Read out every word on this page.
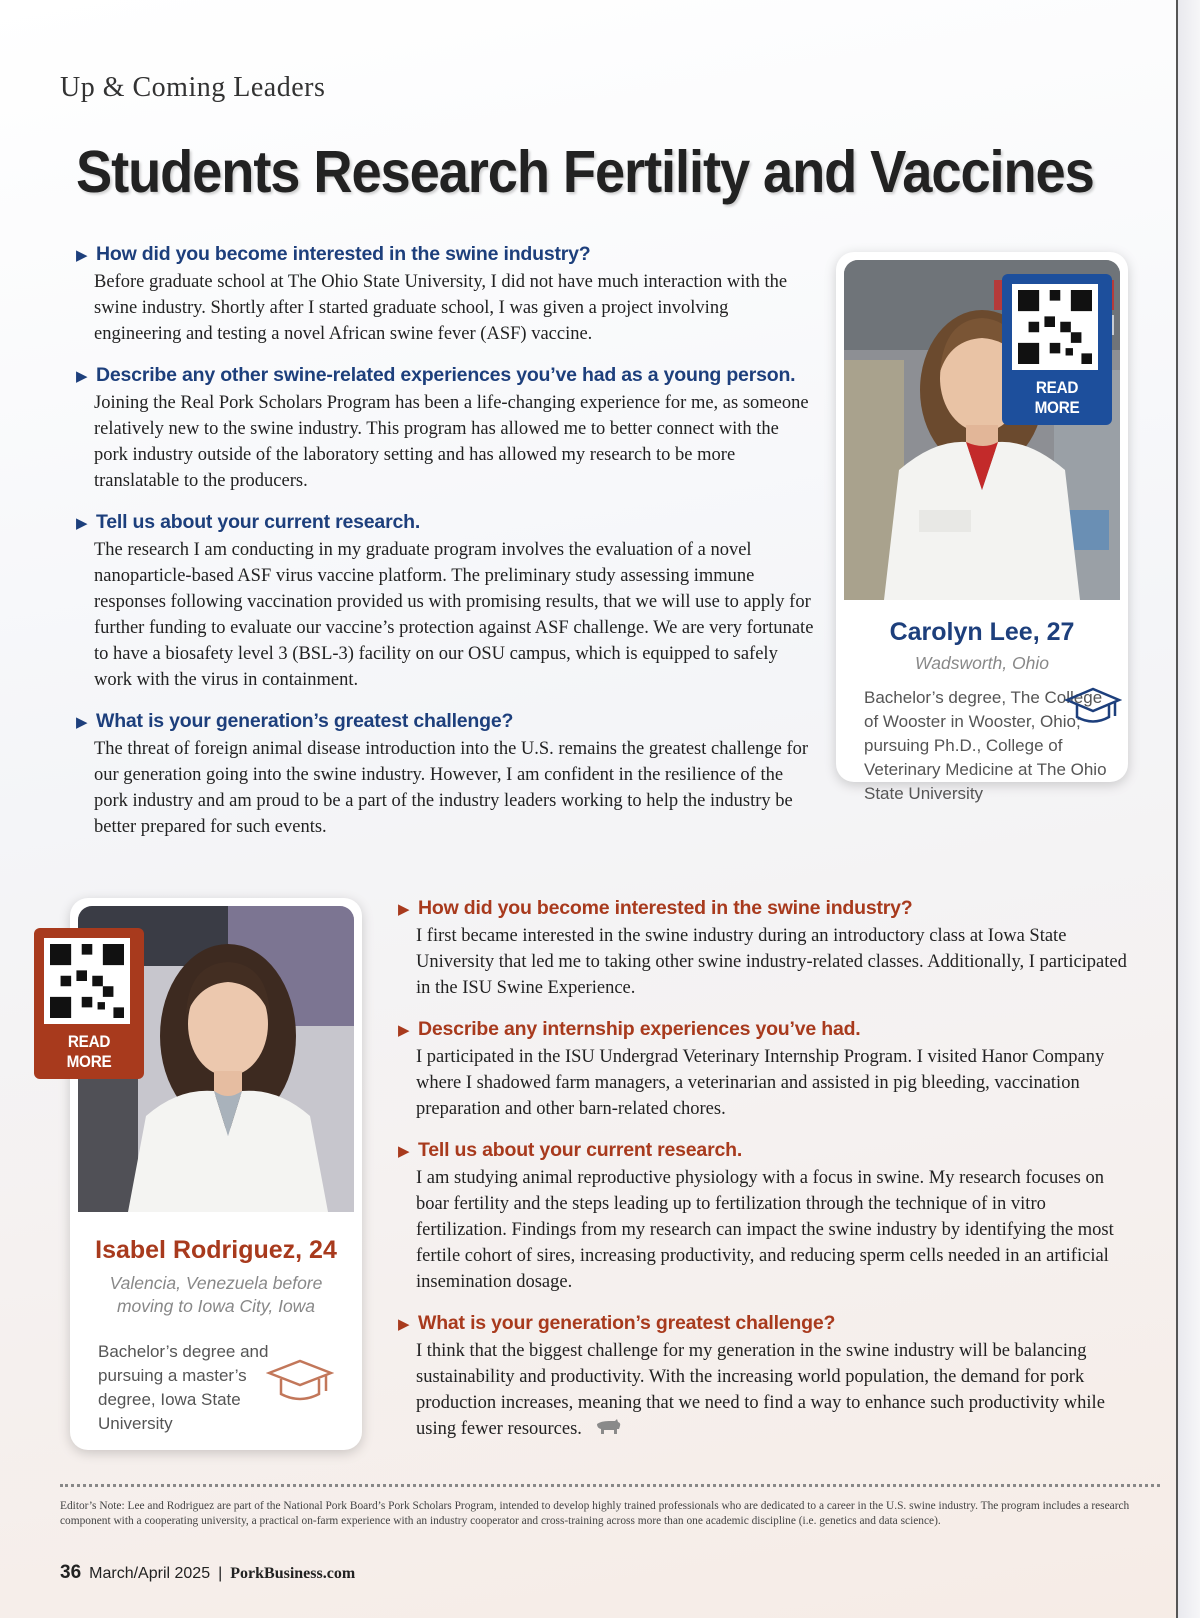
Up & Coming Leaders
Students Research Fertility and Vaccines
▶ How did you become interested in the swine industry?
Before graduate school at The Ohio State University, I did not have much interaction with the swine industry. Shortly after I started graduate school, I was given a project involving engineering and testing a novel African swine fever (ASF) vaccine.
▶ Describe any other swine-related experiences you’ve had as a young person.
Joining the Real Pork Scholars Program has been a life-changing experience for me, as someone relatively new to the swine industry. This program has allowed me to better connect with the pork industry outside of the laboratory setting and has allowed my research to be more translatable to the producers.
▶ Tell us about your current research.
The research I am conducting in my graduate program involves the evaluation of a novel nanoparticle-based ASF virus vaccine platform. The preliminary study assessing immune responses following vaccination provided us with promising results, that we will use to apply for further funding to evaluate our vaccine’s protection against ASF challenge. We are very fortunate to have a biosafety level 3 (BSL-3) facility on our OSU campus, which is equipped to safely work with the virus in containment.
▶ What is your generation’s greatest challenge?
The threat of foreign animal disease introduction into the U.S. remains the greatest challenge for our generation going into the swine industry. However, I am confident in the resilience of the pork industry and am proud to be a part of the industry leaders working to help the industry be better prepared for such events.
READ MORE
Carolyn Lee, 27
Wadsworth, Ohio
Bachelor’s degree, The College of Wooster in Wooster, Ohio; pursuing Ph.D., College of Veterinary Medicine at The Ohio State University
READ MORE
Isabel Rodriguez, 24
Valencia, Venezuela before moving to Iowa City, Iowa
Bachelor’s degree and pursuing a master’s degree, Iowa State University
▶ How did you become interested in the swine industry?
I first became interested in the swine industry during an introductory class at Iowa State University that led me to taking other swine industry-related classes. Additionally, I participated in the ISU Swine Experience.
▶ Describe any internship experiences you’ve had.
I participated in the ISU Undergrad Veterinary Internship Program. I visited Hanor Company where I shadowed farm managers, a veterinarian and assisted in pig bleeding, vaccination preparation and other barn-related chores.
▶ Tell us about your current research.
I am studying animal reproductive physiology with a focus in swine. My research focuses on boar fertility and the steps leading up to fertilization through the technique of in vitro fertilization. Findings from my research can impact the swine industry by identifying the most fertile cohort of sires, increasing productivity, and reducing sperm cells needed in an artificial insemination dosage.
▶ What is your generation’s greatest challenge?
I think that the biggest challenge for my generation in the swine industry will be balancing sustainability and productivity. With the increasing world population, the demand for pork production increases, meaning that we need to find a way to enhance such productivity while using fewer resources.
Editor’s Note: Lee and Rodriguez are part of the National Pork Board’s Pork Scholars Program, intended to develop highly trained professionals who are dedicated to a career in the U.S. swine industry. The program includes a research component with a cooperating university, a practical on-farm experience with an industry cooperator and cross-training across more than one academic discipline (i.e. genetics and data science).
36 March/April 2025 | PorkBusiness.com
